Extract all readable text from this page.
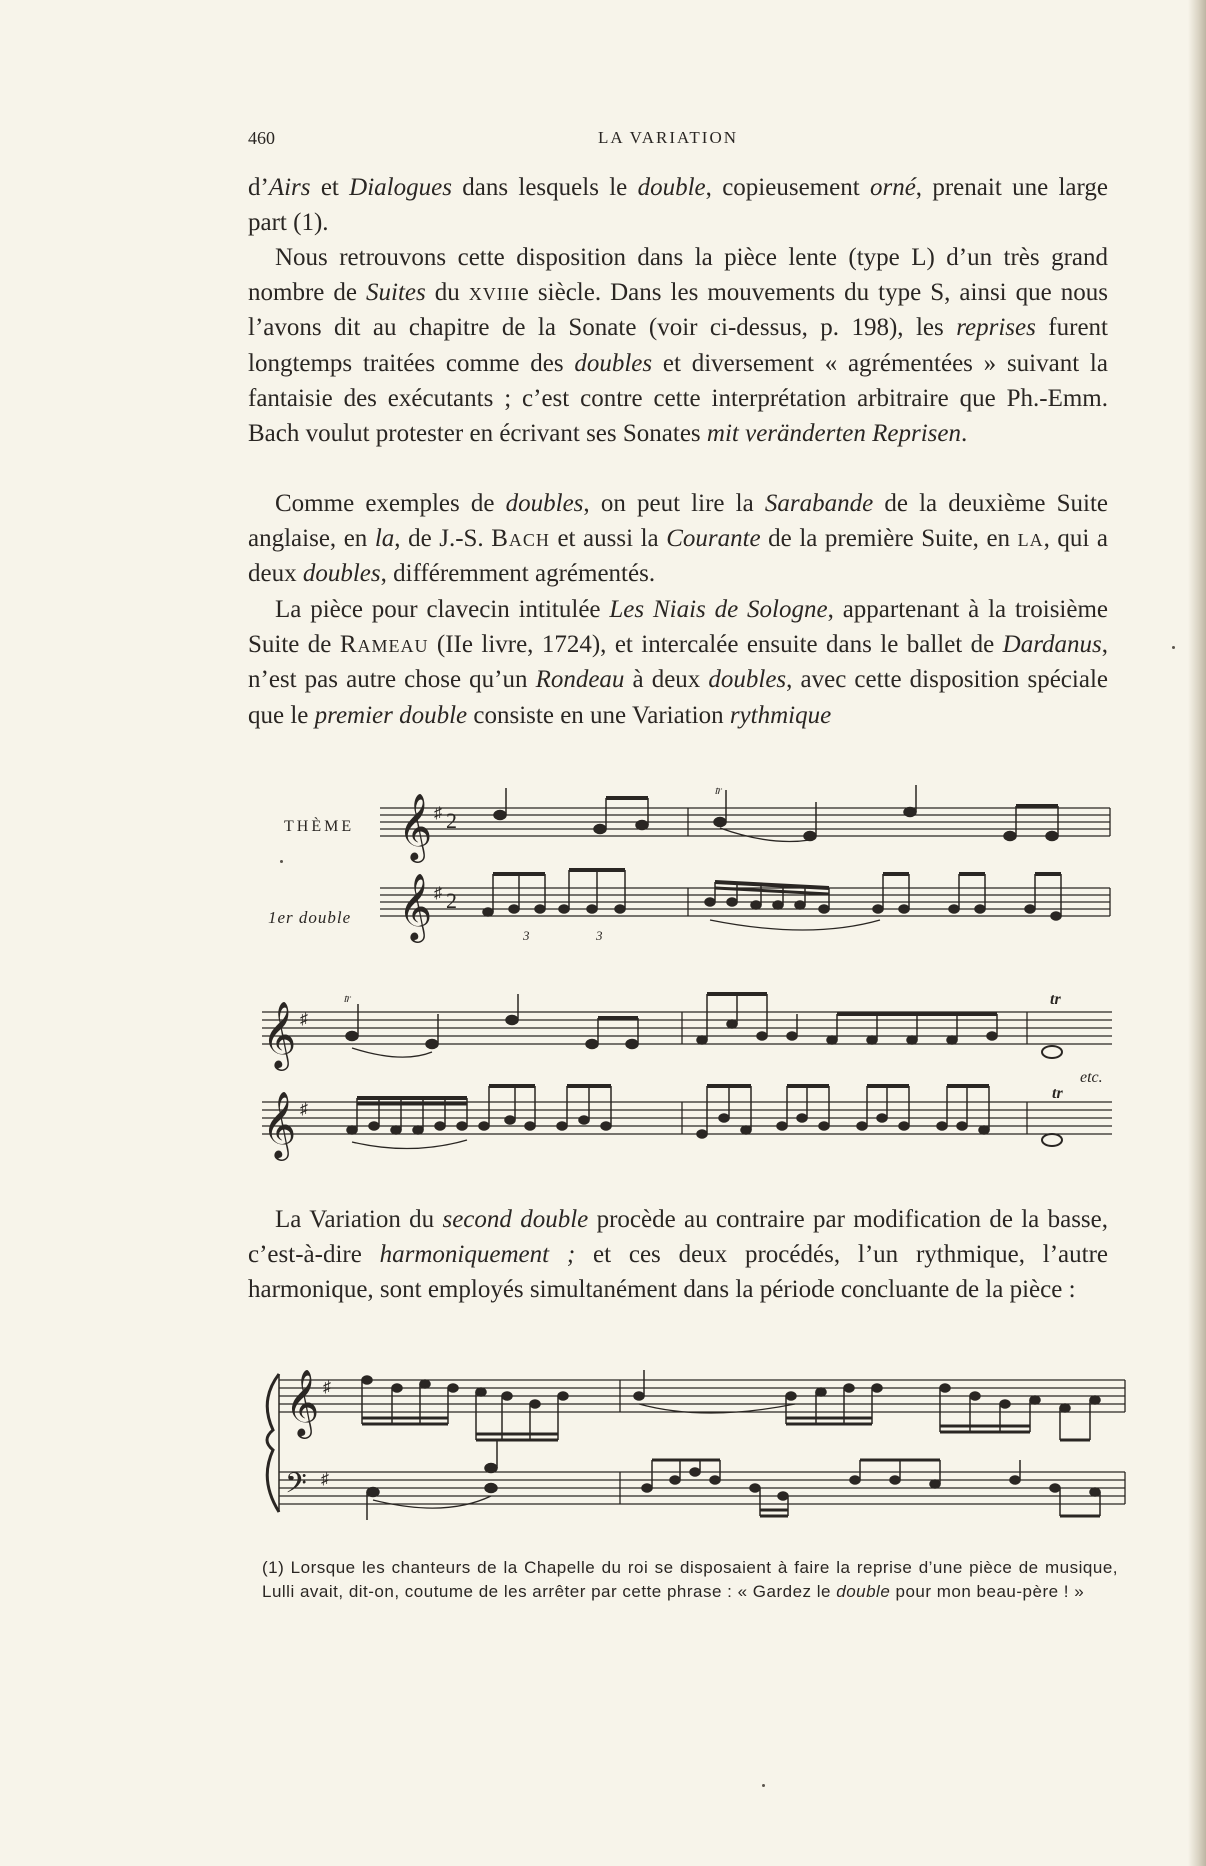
460	LA VARIATION

d’Airs et Dialogues dans lesquels le double, copieusement orné, prenait une large part (1).

Nous retrouvons cette disposition dans la pièce lente (type L) d’un très grand nombre de Suites du xviiie siècle. Dans les mouvements du type S, ainsi que nous l’avons dit au chapitre de la Sonate (voir ci-dessus, p. 198), les reprises furent longtemps traitées comme des doubles et diversement « agrémentées » suivant la fantaisie des exécutants ; c’est contre cette interprétation arbitraire que Ph.-Emm. Bach voulut protester en écrivant ses Sonates mit veränderten Reprisen.

Comme exemples de doubles, on peut lire la Sarabande de la deuxième Suite anglaise, en la, de J.-S. Bach et aussi la Courante de la première Suite, en la, qui a deux doubles, différemment agrémentés.

La pièce pour clavecin intitulée Les Niais de Sologne, appartenant à la troisième Suite de Rameau (IIe livre, 1724), et intercalée ensuite dans le ballet de Dardanus, n’est pas autre chose qu’un Rondeau à deux doubles, avec cette disposition spéciale que le premier double consiste en une Variation rythmique

THÈME
1er double
𝄞 ♯ 2
𝆖
𝄞 ♯ 2
3	3
𝄞 ♯
𝆖	tr
etc.
𝄞 ♯
tr

La Variation du second double procède au contraire par modification de la basse, c’est-à-dire harmoniquement ; et ces deux procédés, l’un rythmique, l’autre harmonique, sont employés simultanément dans la période concluante de la pièce :

𝄞 ♯
𝄢 ♯

(1) Lorsque les chanteurs de la Chapelle du roi se disposaient à faire la reprise d’une pièce de musique, Lulli avait, dit-on, coutume de les arrêter par cette phrase : « Gardez le double pour mon beau-père ! »
